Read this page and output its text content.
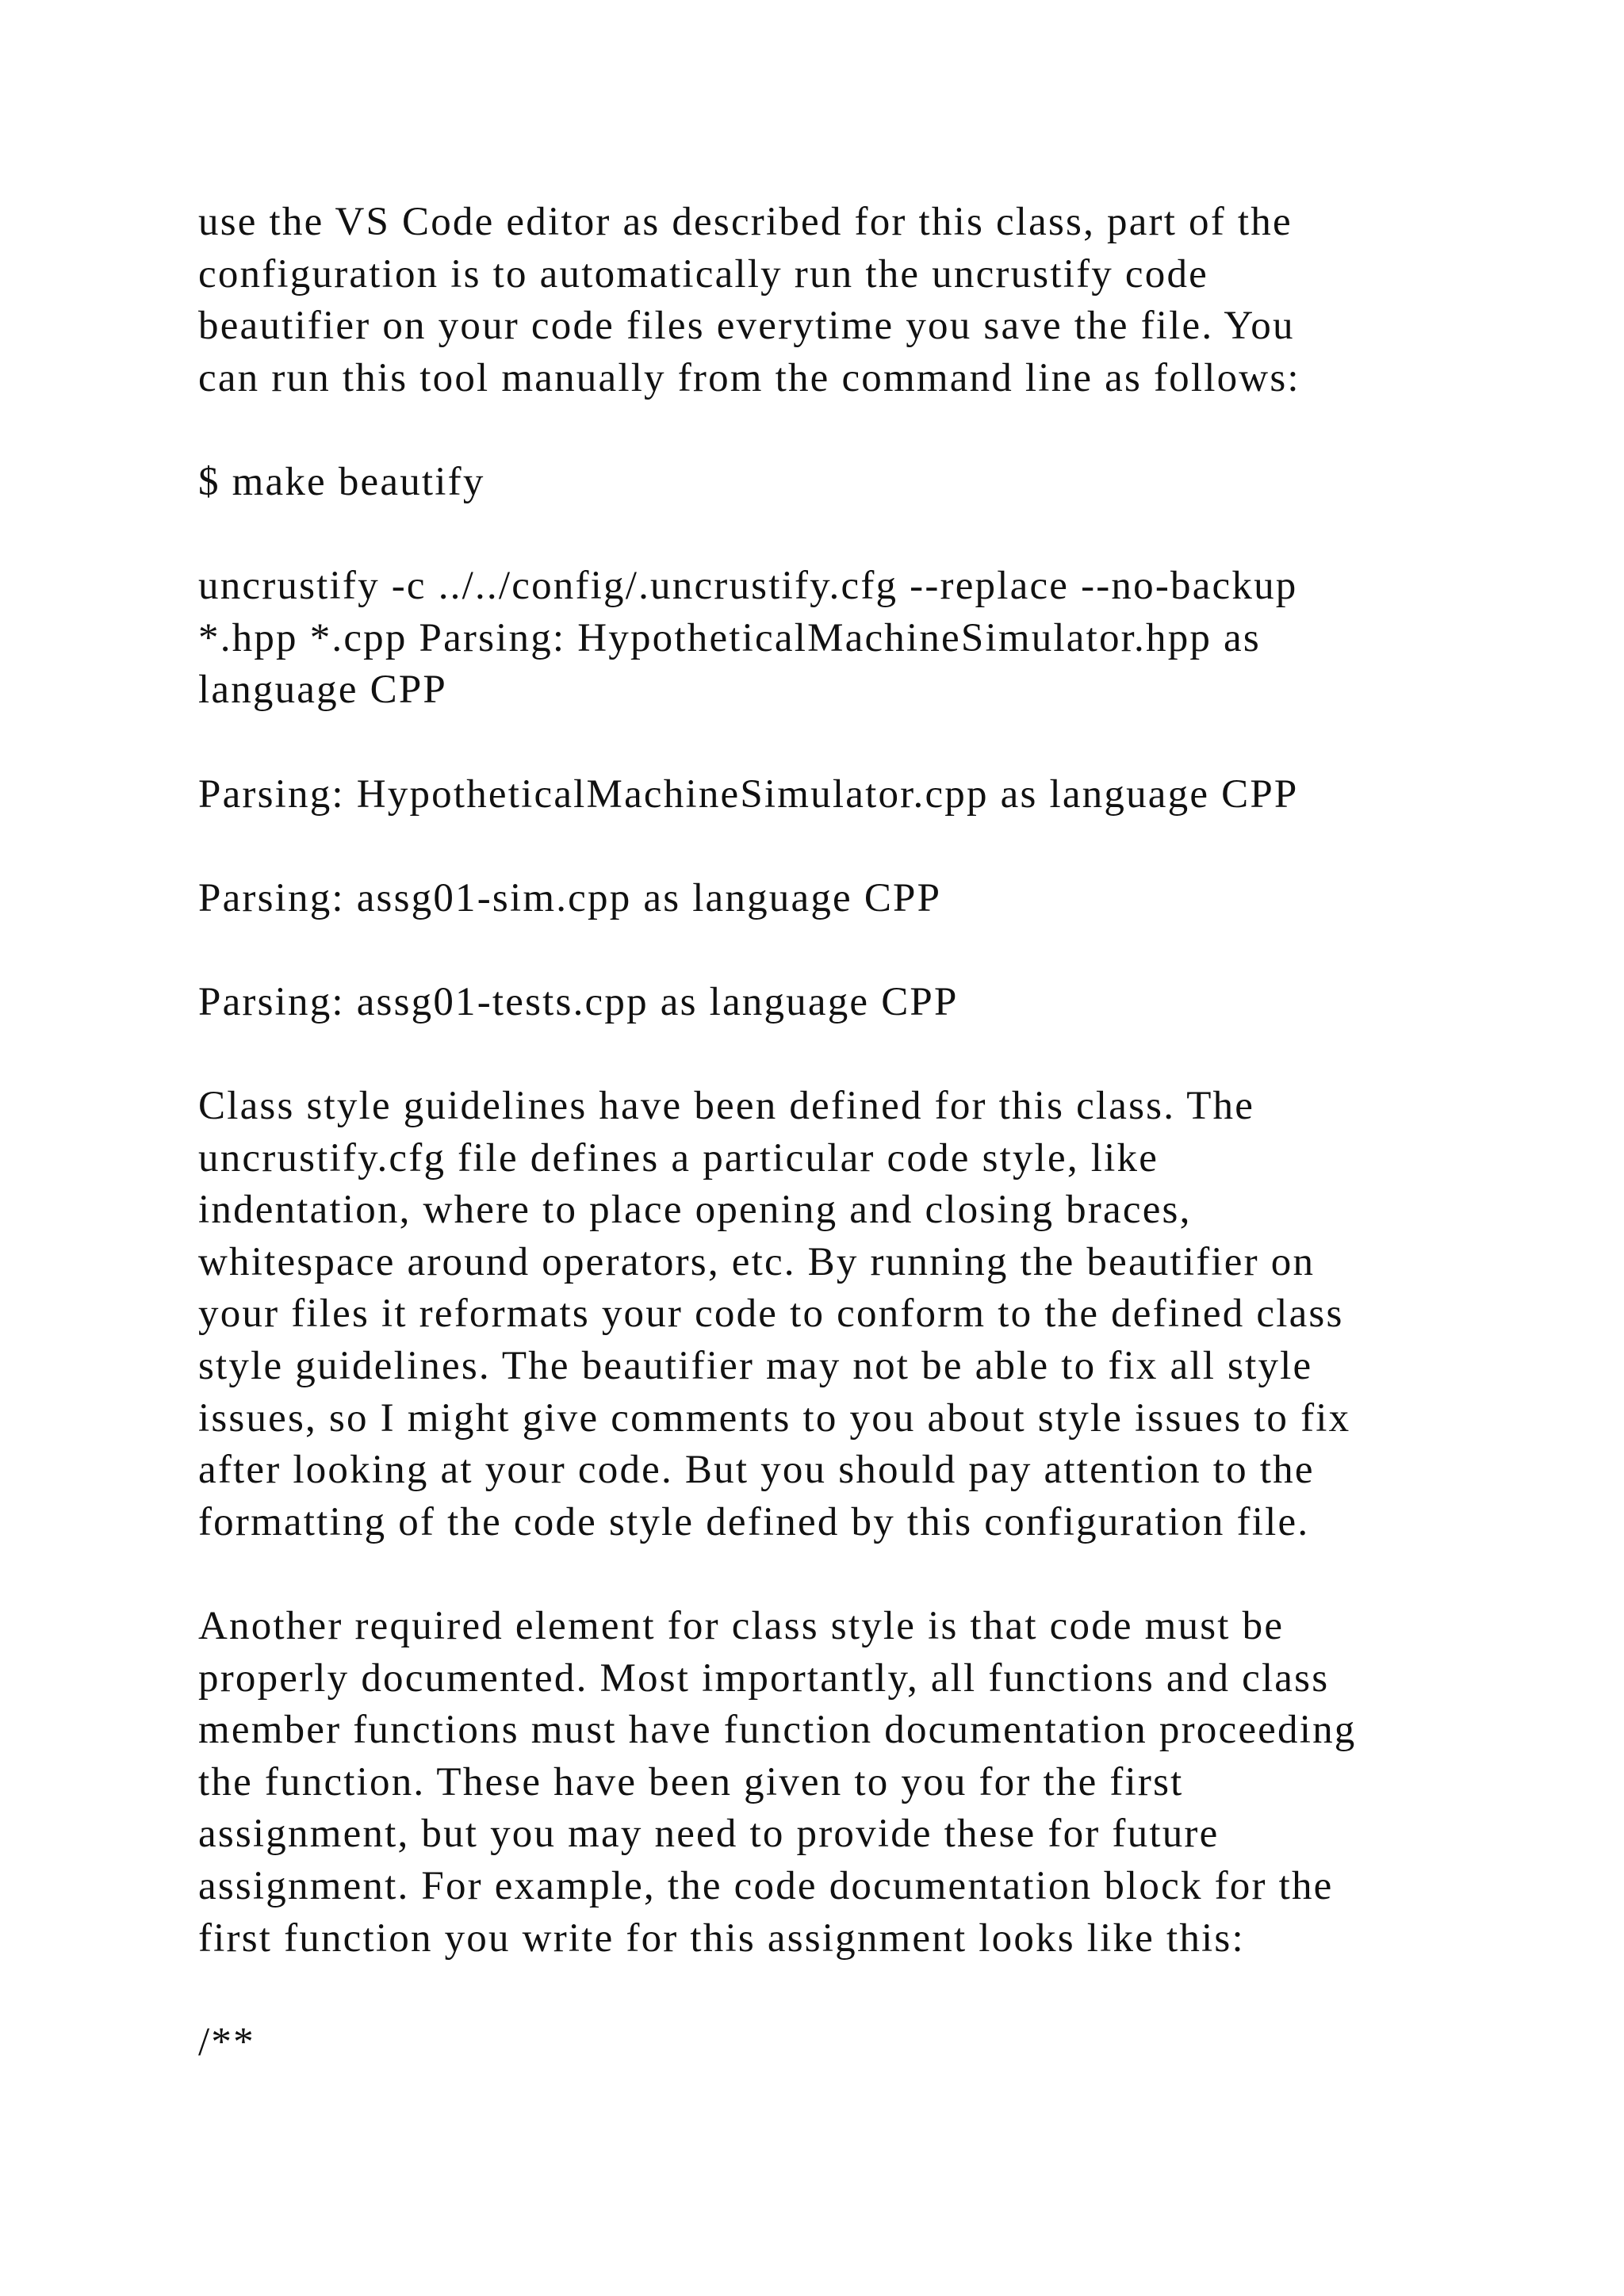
use the VS Code editor as described for this class, part of the
configuration is to automatically run the uncrustify code
beautifier on your code files everytime you save the file. You
can run this tool manually from the command line as follows:

$ make beautify

uncrustify -c ../../config/.uncrustify.cfg --replace --no-backup
*.hpp *.cpp Parsing: HypotheticalMachineSimulator.hpp as
language CPP

Parsing: HypotheticalMachineSimulator.cpp as language CPP

Parsing: assg01-sim.cpp as language CPP

Parsing: assg01-tests.cpp as language CPP

Class style guidelines have been defined for this class. The
uncrustify.cfg file defines a particular code style, like
indentation, where to place opening and closing braces,
whitespace around operators, etc. By running the beautifier on
your files it reformats your code to conform to the defined class
style guidelines. The beautifier may not be able to fix all style
issues, so I might give comments to you about style issues to fix
after looking at your code. But you should pay attention to the
formatting of the code style defined by this configuration file.

Another required element for class style is that code must be
properly documented. Most importantly, all functions and class
member functions must have function documentation proceeding
the function. These have been given to you for the first
assignment, but you may need to provide these for future
assignment. For example, the code documentation block for the
first function you write for this assignment looks like this:

/**
